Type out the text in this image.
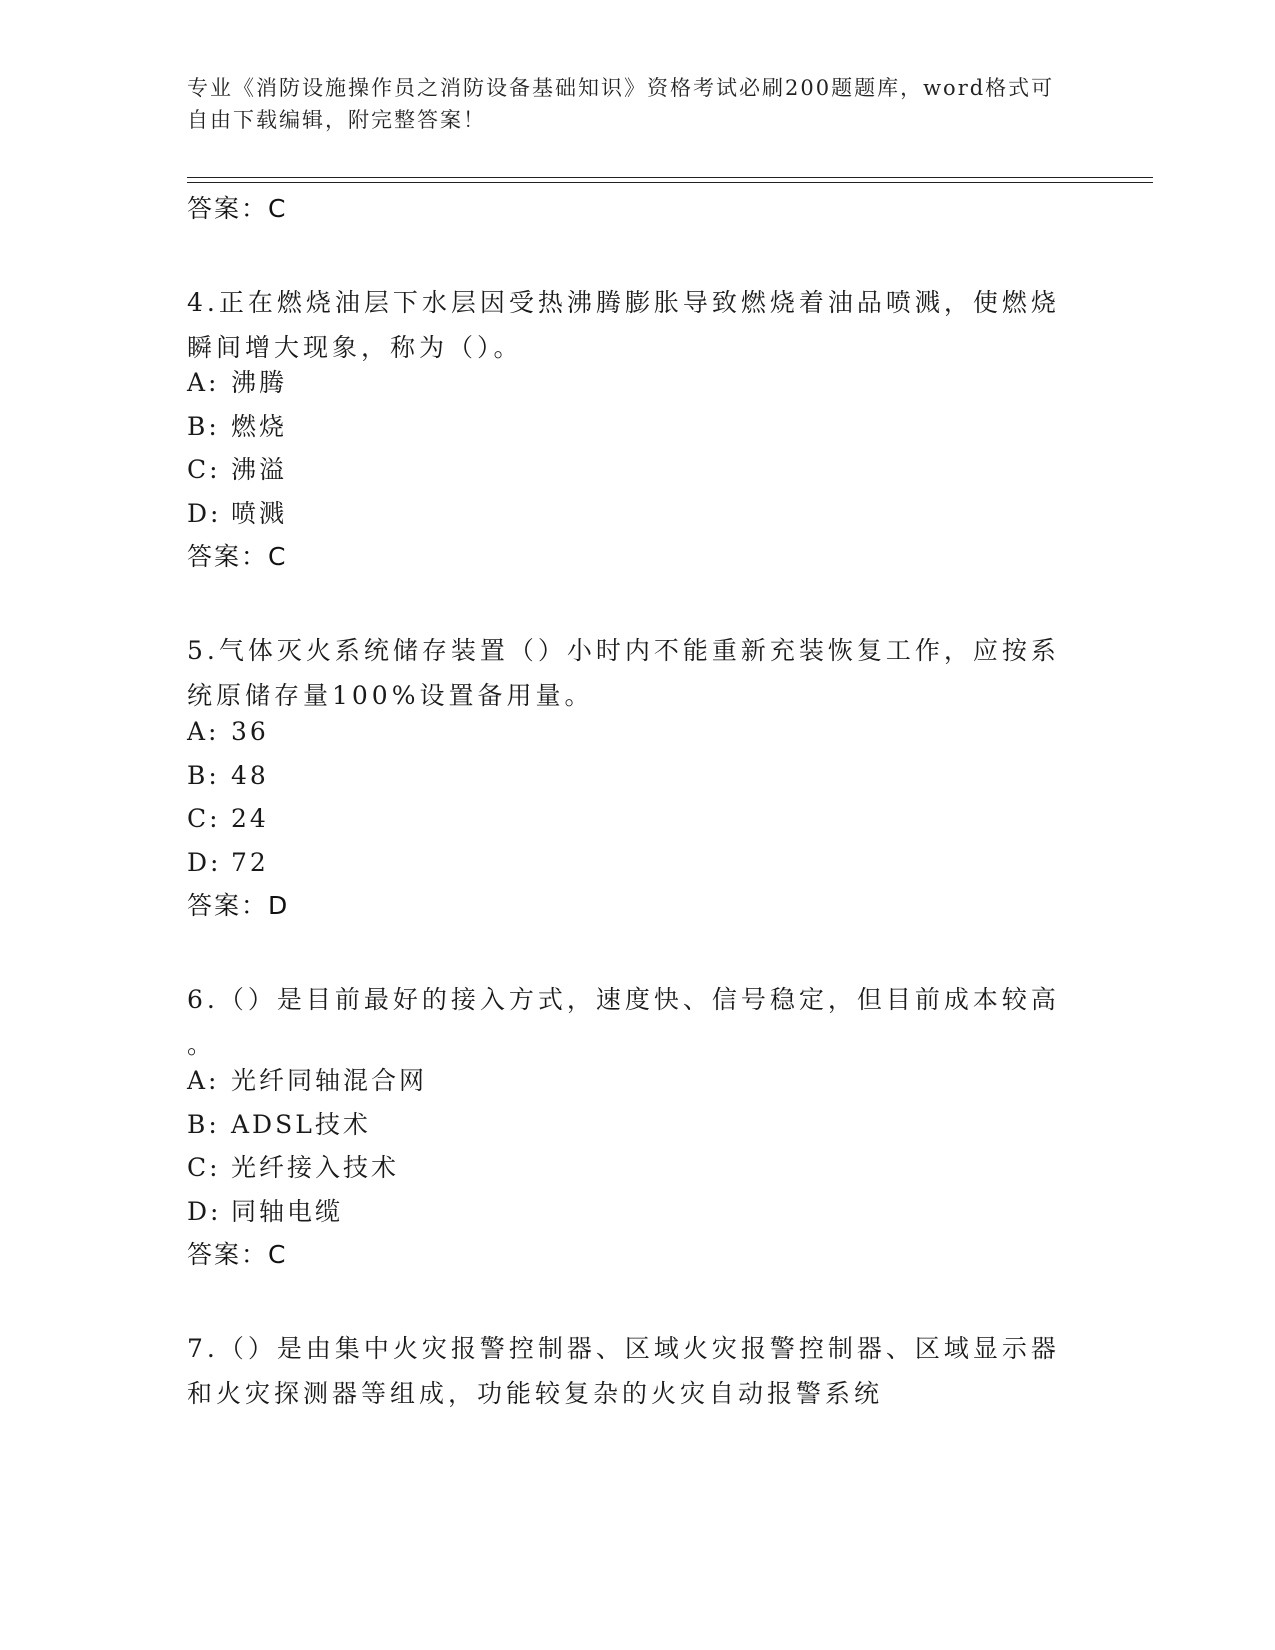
专业《消防设施操作员之消防设备基础知识》资格考试必刷200题题库，word格式可自由下载编辑，附完整答案！
答案：C
4.正在燃烧油层下水层因受热沸腾膨胀导致燃烧着油品喷溅，使燃烧
瞬间增大现象，称为（）。
A: 沸腾
B: 燃烧
C: 沸溢
D: 喷溅
答案：C
5.气体灭火系统储存装置（）小时内不能重新充装恢复工作，应按系
统原储存量100%设置备用量。
A: 36
B: 48
C: 24
D: 72
答案：D
6.（）是目前最好的接入方式，速度快、信号稳定，但目前成本较高
。
A: 光纤同轴混合网
B: ADSL技术
C: 光纤接入技术
D: 同轴电缆
答案：C
7.（）是由集中火灾报警控制器、区域火灾报警控制器、区域显示器
和火灾探测器等组成，功能较复杂的火灾自动报警系统
